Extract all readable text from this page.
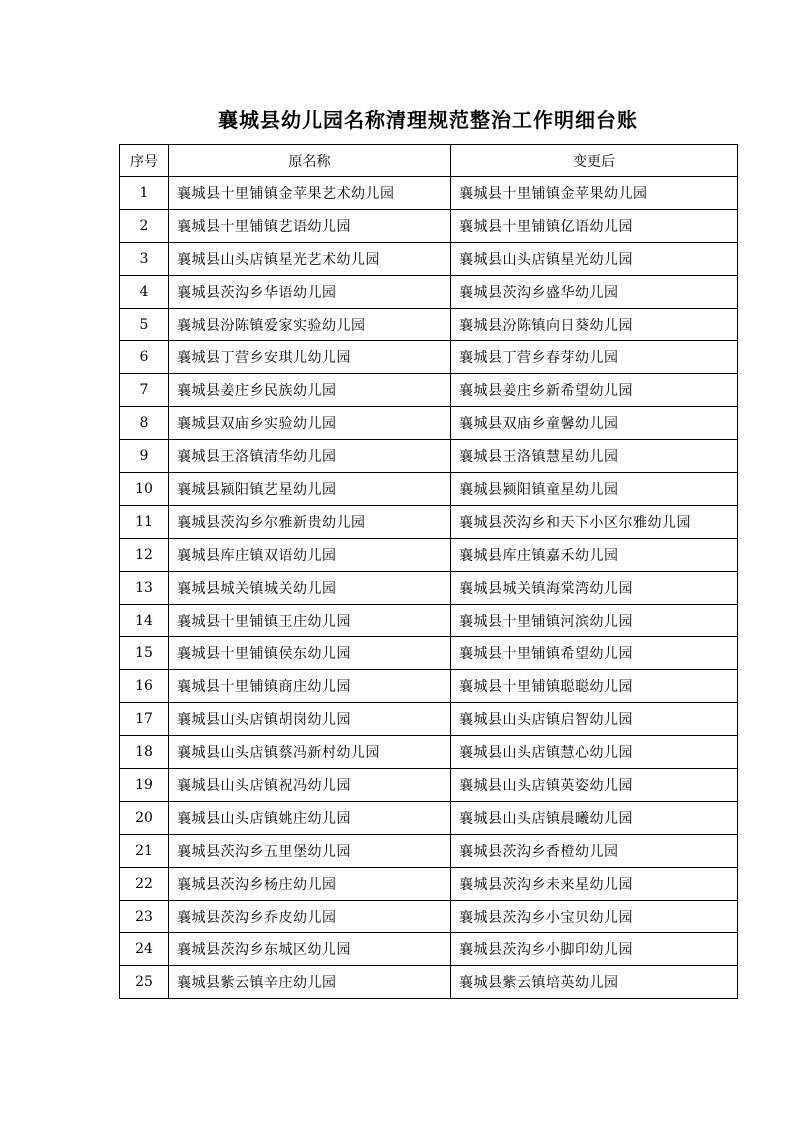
襄城县幼儿园名称清理规范整治工作明细台账
序号	原名称	变更后
1	襄城县十里铺镇金苹果艺术幼儿园	襄城县十里铺镇金苹果幼儿园
2	襄城县十里铺镇艺语幼儿园	襄城县十里铺镇亿语幼儿园
3	襄城县山头店镇星光艺术幼儿园	襄城县山头店镇星光幼儿园
4	襄城县茨沟乡华语幼儿园	襄城县茨沟乡盛华幼儿园
5	襄城县汾陈镇爱家实验幼儿园	襄城县汾陈镇向日葵幼儿园
6	襄城县丁营乡安琪儿幼儿园	襄城县丁营乡春芽幼儿园
7	襄城县姜庄乡民族幼儿园	襄城县姜庄乡新希望幼儿园
8	襄城县双庙乡实验幼儿园	襄城县双庙乡童馨幼儿园
9	襄城县王洛镇清华幼儿园	襄城县王洛镇慧星幼儿园
10	襄城县颍阳镇艺星幼儿园	襄城县颍阳镇童星幼儿园
11	襄城县茨沟乡尔雅新贵幼儿园	襄城县茨沟乡和天下小区尔雅幼儿园
12	襄城县库庄镇双语幼儿园	襄城县库庄镇嘉禾幼儿园
13	襄城县城关镇城关幼儿园	襄城县城关镇海棠湾幼儿园
14	襄城县十里铺镇王庄幼儿园	襄城县十里铺镇河滨幼儿园
15	襄城县十里铺镇侯东幼儿园	襄城县十里铺镇希望幼儿园
16	襄城县十里铺镇商庄幼儿园	襄城县十里铺镇聪聪幼儿园
17	襄城县山头店镇胡岗幼儿园	襄城县山头店镇启智幼儿园
18	襄城县山头店镇蔡冯新村幼儿园	襄城县山头店镇慧心幼儿园
19	襄城县山头店镇祝冯幼儿园	襄城县山头店镇英姿幼儿园
20	襄城县山头店镇姚庄幼儿园	襄城县山头店镇晨曦幼儿园
21	襄城县茨沟乡五里堡幼儿园	襄城县茨沟乡香橙幼儿园
22	襄城县茨沟乡杨庄幼儿园	襄城县茨沟乡未来星幼儿园
23	襄城县茨沟乡乔皮幼儿园	襄城县茨沟乡小宝贝幼儿园
24	襄城县茨沟乡东城区幼儿园	襄城县茨沟乡小脚印幼儿园
25	襄城县紫云镇辛庄幼儿园	襄城县紫云镇培英幼儿园
